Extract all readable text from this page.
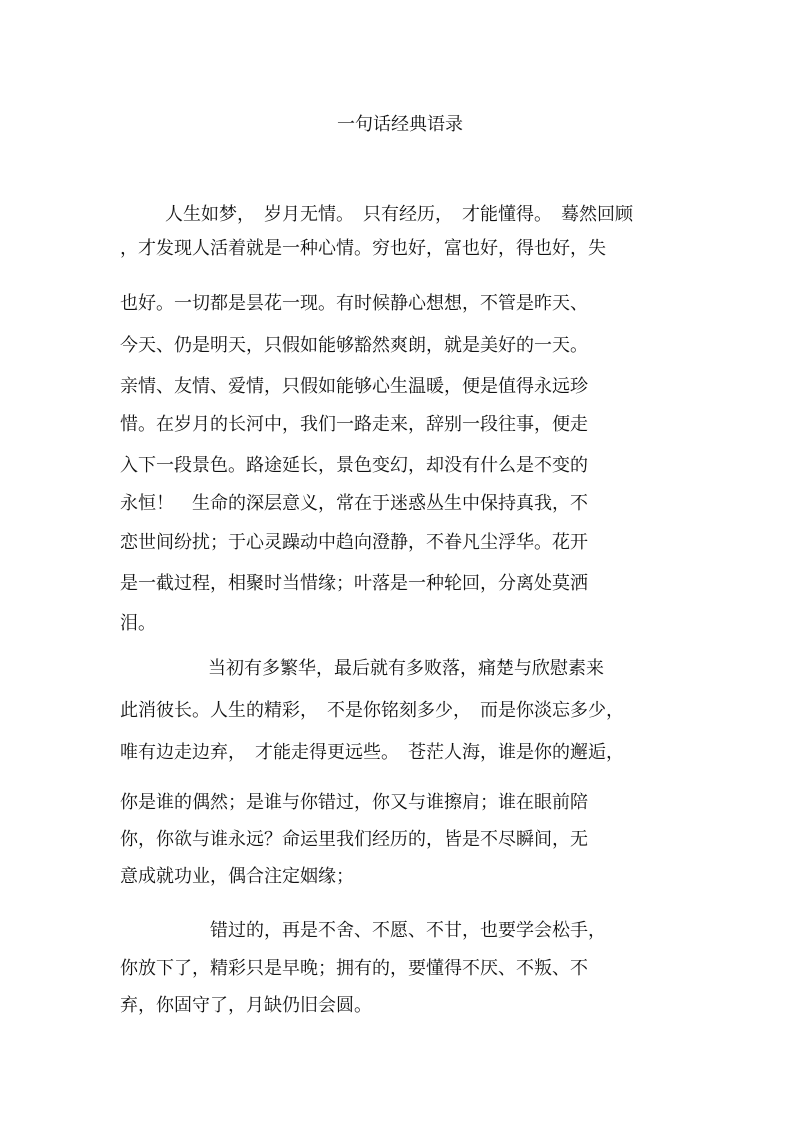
一句话经典语录
人生如梦，　岁月无情。　只有经历，　才能懂得。　蓦然回顾
，才发现人活着就是一种心情。穷也好，富也好，得也好，失
也好。一切都是昙花一现。有时候静心想想，不管是昨天、
今天、仍是明天，只假如能够豁然爽朗，就是美好的一天。
亲情、友情、爱情，只假如能够心生温暖，便是值得永远珍
惜。在岁月的长河中，我们一路走来，辞别一段往事，便走
入下一段景色。路途延长，景色变幻，却没有什么是不变的
永恒！　生命的深层意义，常在于迷惑丛生中保持真我，不
恋世间纷扰；于心灵躁动中趋向澄静，不眷凡尘浮华。花开
是一截过程，相聚时当惜缘；叶落是一种轮回，分离处莫洒
泪。
当初有多繁华，最后就有多败落，痛楚与欣慰素来
此消彼长。人生的精彩，　不是你铭刻多少，　而是你淡忘多少，
唯有边走边弃，　才能走得更远些。　苍茫人海，谁是你的邂逅，
你是谁的偶然；是谁与你错过，你又与谁擦肩；谁在眼前陪
你，你欲与谁永远？命运里我们经历的，皆是不尽瞬间，无
意成就功业，偶合注定姻缘；
错过的，再是不舍、不愿、不甘，也要学会松手，
你放下了，精彩只是早晚；拥有的，要懂得不厌、不叛、不
弃，你固守了，月缺仍旧会圆。
